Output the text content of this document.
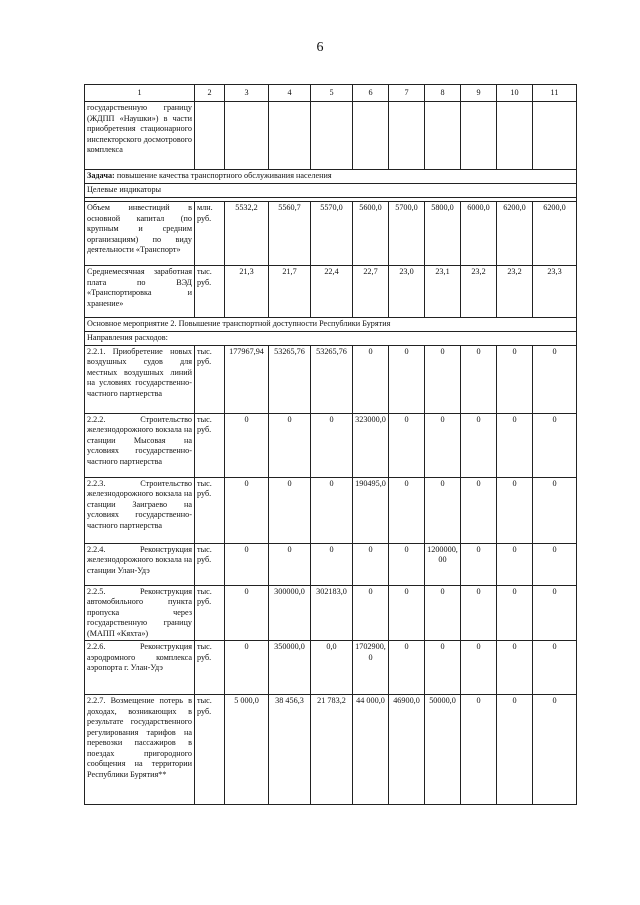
6
1	2	3	4	5	6	7	8	9	10	11
государственную границу (ЖДПП «Наушки») в части приобретения стационарного инспекторского досмотрового комплекса										
Задача: повышение качества транспортного обслуживания населения										
Целевые индикаторы										

Объем инвестиций в основной капитал (по крупным и средним организациям) по виду деятельности «Транспорт»	млн. руб.	5532,2	5560,7	5570,0	5600,0	5700,0	5800,0	6000,0	6200,0	6200,0
Среднемесячная заработная плата по ВЭД «Транспортировка и хранение»	тыс. руб.	21,3	21,7	22,4	22,7	23,0	23,1	23,2	23,2	23,3
Основное мероприятие 2. Повышение транспортной доступности Республики Бурятия										
Направления расходов:										
2.2.1. Приобретение новых воздушных судов для местных воздушных линий на условиях государственно-частного партнерства	тыс. руб.	177967,94	53265,76	53265,76	0	0	0	0	0	0
2.2.2. Строительство железнодорожного вокзала на станции Мысовая на условиях государственно-частного партнерства	тыс. руб.	0	0	0	323000,0	0	0	0	0	0
2.2.3. Строительство железнодорожного вокзала на станции Заиграево на условиях государственно-частного партнерства	тыс. руб.	0	0	0	190495,0	0	0	0	0	0
2.2.4. Реконструкция железнодорожного вокзала на станции Улан-Удэ	тыс. руб.	0	0	0	0	0	1200000,00	0	0	0
2.2.5. Реконструкция автомобильного пункта пропуска через государственную границу (МАПП «Кяхта»)	тыс. руб.	0	300000,0	302183,0	0	0	0	0	0	0
2.2.6. Реконструкция аэродромного комплекса аэропорта г. Улан-Удэ	тыс. руб.	0	350000,0	0,0	1702900,0	0	0	0	0	0
2.2.7. Возмещение потерь в доходах, возникающих в результате государственного регулирования тарифов на перевозки пассажиров в поездах пригородного сообщения на территории Республики Бурятия**	тыс. руб.	5 000,0	38 456,3	21 783,2	44 000,0	46900,0	50000,0	0	0	0
